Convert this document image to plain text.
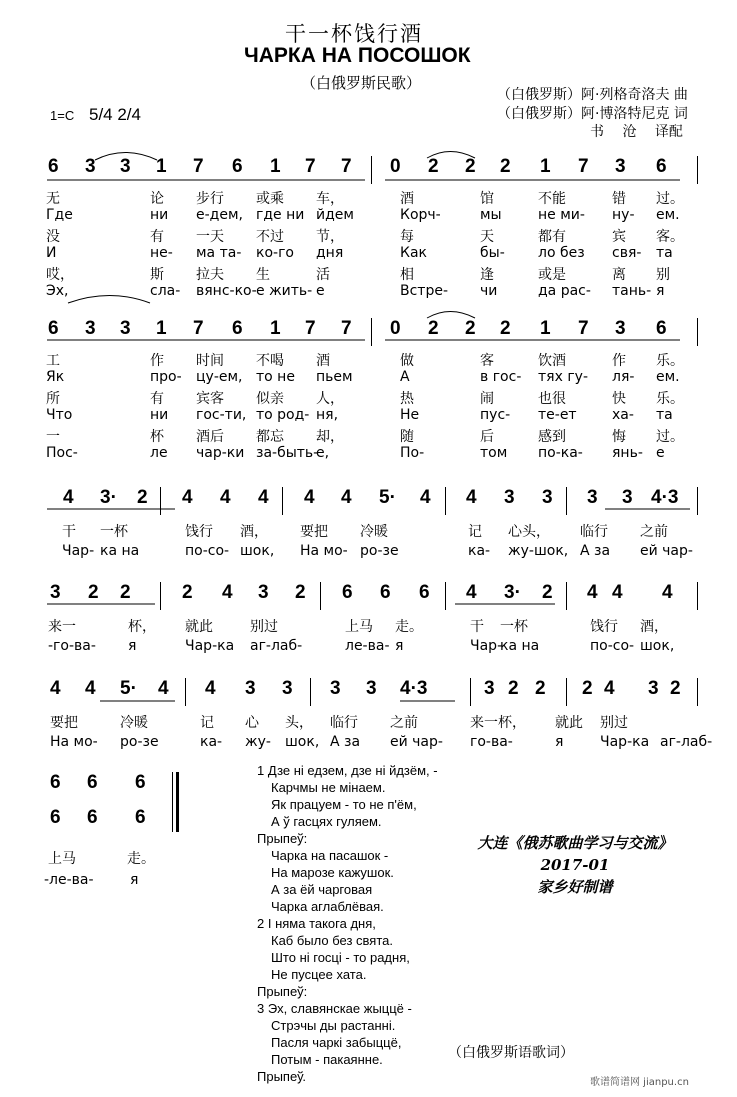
干一杯饯行酒
ЧАРКА НА ПОСОШОК
（白俄罗斯民歌）
（白俄罗斯）阿·列格奇洛夫 曲
（白俄罗斯）阿·博洛特尼克 词
书　 沧　 译配
1=C 5/4 2/4
6 3 3 1 7 6 1 7 7 0 2 2 2 1 7 3 6
无	论 步行 或乘 车，	酒	馆	不能	错 过。
Где	ни е-дем, где ни йдем	Корч-	мы	не ми- ну- ем.
没	有 一天 不过 节，	每	天	都有	宾 客。
И	не- ма та- ко-го дня	Как	бы- ло без свя- та
哎，	斯 拉夫 生	活	相	逢	或是	离 别
Эх,	сла- вянс-ко- е жить- е	Встре- чи	да рас- тань- я
6 3 3 1 7 6 1 7 7 0 2 2 2 1 7 3 6
工	作 时间 不喝 酒	做	客	饮酒	作 乐。
Як	про- цу-ем, то не пьем	А	в гос- тях гу- ля- ем.
所	有 宾客 似亲 人，	热	闹	也很	快 乐。
Что	ни гос-ти, то род- ня,	Не	пус- те-ет	ха- та
一	杯 酒后 都忘 却，	随	后	感到	悔 过。
Пос-	ле чар-ки за-быть-
е,	По-	том по-ка- янь- е
4 3· 2 4 4 4 4 4 5· 4 4 3 3 3 3 4·3
干 一杯	饯行 酒， 要把 冷暖	记 心头， 临行 之前
Чар- ка на	по-со- шок, На мо- ро-зе	ка- жу-шок, А за ей чар-
3 2 2	2 4 3 2 6 6 6 4 3· 2 4 4 4
来一	杯， 就此	别过	上马 走。	干 一杯	饯行 酒，
-го-ва- я	Чар-ка аг-лаб-	ле-ва- я	Чар-
ка на	по-со- шок,
4 4 5· 4 4 3 3 3 3 4·3	3 2 2 2 4 3 2
要把	冷暖	记 心 头， 临行 之前	来一杯， 就此 别过
На мо- ро-зе	ка- жу- шок, А за ей чар- го-ва-	я	Чар-ка аг-лаб-
6 6 6
6 6 6
上马	走。
-ле-ва-	я
1 Дзе ні едзем, дзе ні йдзём, -
Карчмы не мінаем.
Як працуем - то не п'ём,
А ў гасцях гуляем.
Прыпеў:
Чарка на пасашок -
На марозе кажушок.
А за ёй чарговая
Чарка аглаблёвая.
2 І няма такога дня,
Каб было без свята.
Што ні госці - то радня,
Не пусцее хата.
Прыпеў:
3 Эх, славянскае жыццё -
Стрэчы ды растанні.
Пасля чаркі забыццё,
Потым - пакаянне.
Прыпеў.
大连《俄苏歌曲学习与交流》
2017-01
家乡好制谱
（白俄罗斯语歌词）
歌谱简谱网 jianpu.cn
